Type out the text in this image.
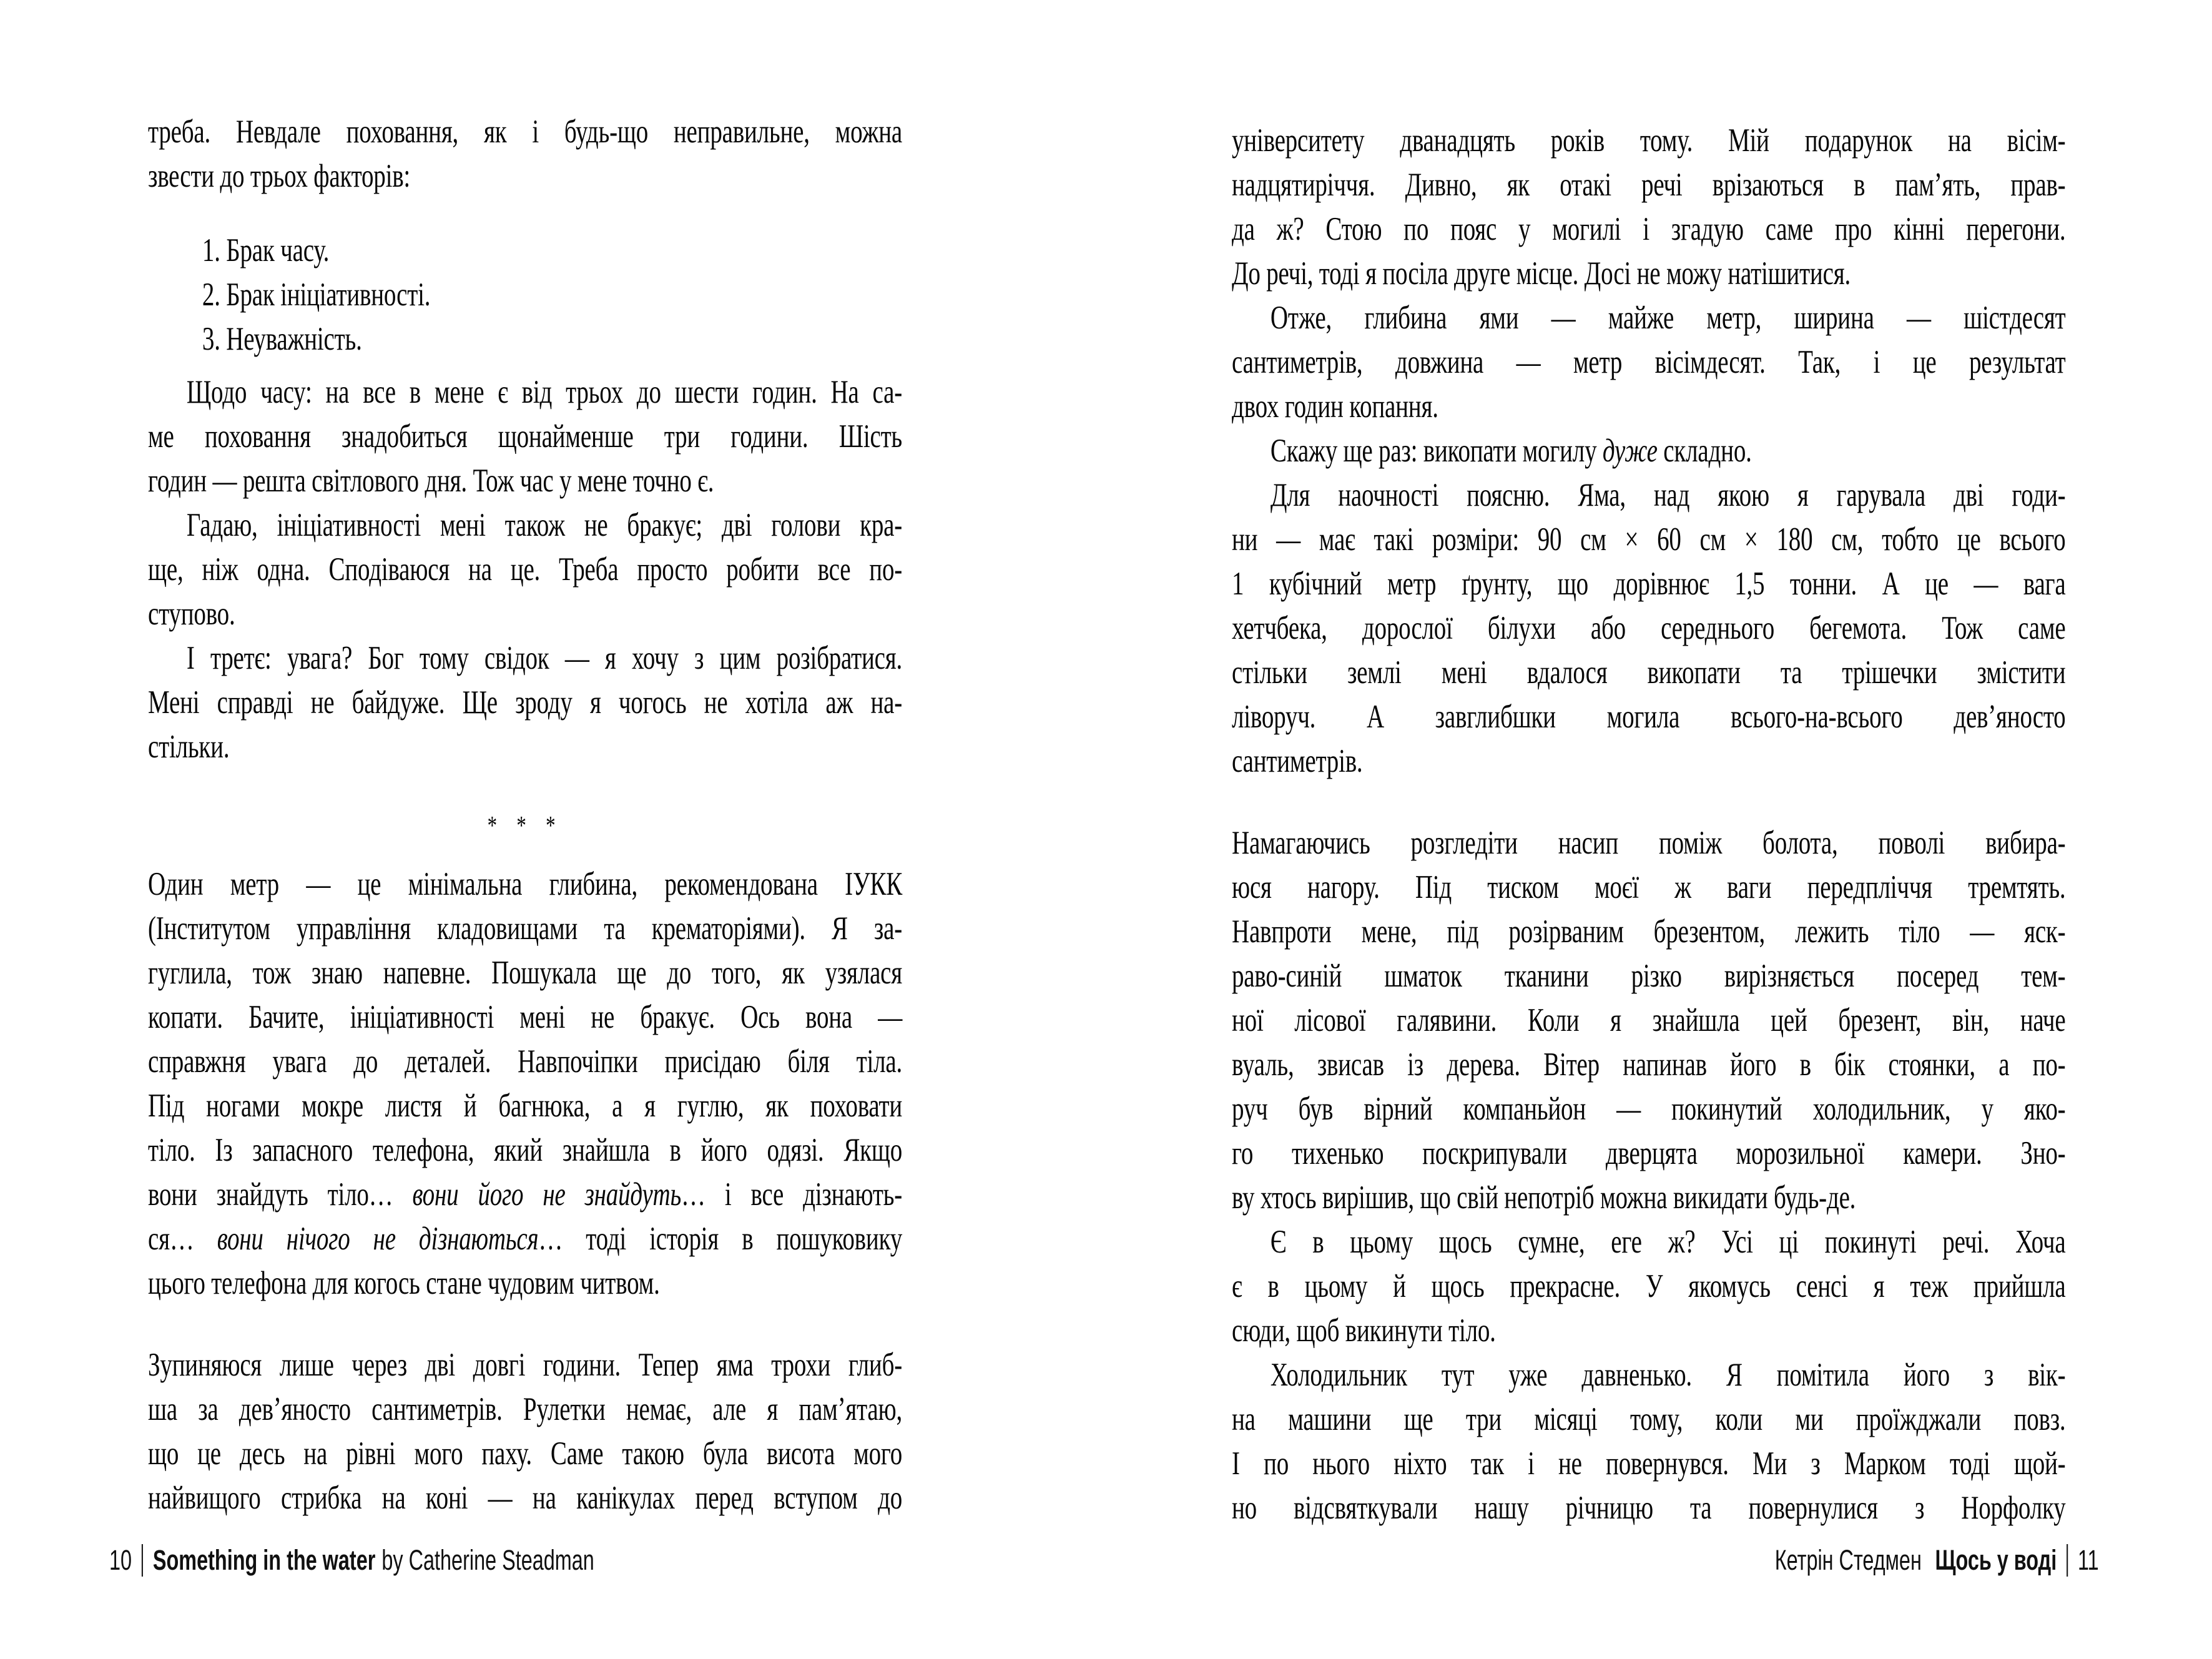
треба. Невдале поховання, як і будь-що неправильне, можна
звести до трьох факторів:
1. Брак часу.
2. Брак ініціативності.
3. Неуважність.
Щодо часу: на все в мене є від трьох до шести годин. На са-
ме поховання знадобиться щонайменше три години. Шість
годин — решта світлового дня. Тож час у мене точно є.
Гадаю, ініціативності мені також не бракує; дві голови кра-
ще, ніж одна. Сподіваюся на це. Треба просто робити все по-
ступово.
І третє: увага? Бог тому свідок — я хочу з цим розібратися.
Мені справді не байдуже. Ще зроду я чогось не хотіла аж на-
стільки.
* * *
Один метр — це мінімальна глибина, рекомендована ІУКК
(Інститутом управління кладовищами та крематоріями). Я за-
гуглила, тож знаю напевне. Пошукала ще до того, як узялася
копати. Бачите, ініціативності мені не бракує. Ось вона —
справжня увага до деталей. Навпочіпки присідаю біля тіла.
Під ногами мокре листя й багнюка, а я гуглю, як поховати
тіло. Із запасного телефона, який знайшла в його одязі. Якщо
вони знайдуть тіло… вони його не знайдуть… і все дізнають-
ся… вони нічого не дізнаються… тоді історія в пошуковику
цього телефона для когось стане чудовим читвом.
Зупиняюся лише через дві довгі години. Тепер яма трохи глиб-
ша за дев’яносто сантиметрів. Рулетки немає, але я пам’ятаю,
що це десь на рівні мого паху. Саме такою була висота мого
найвищого стрибка на коні — на канікулах перед вступом до
університету дванадцять років тому. Мій подарунок на вісім-
надцятиріччя. Дивно, як отакі речі врізаються в пам’ять, прав-
да ж? Стою по пояс у могилі і згадую саме про кінні перегони.
До речі, тоді я посіла друге місце. Досі не можу натішитися.
Отже, глибина ями — майже метр, ширина — шістдесят
сантиметрів, довжина — метр вісімдесят. Так, і це результат
двох годин копання.
Скажу ще раз: викопати могилу дуже складно.
Для наочності поясню. Яма, над якою я гарувала дві годи-
ни — має такі розміри: 90 см × 60 см × 180 см, тобто це всього
1 кубічний метр ґрунту, що дорівнює 1,5 тонни. А це — вага
хетчбека, дорослої білухи або середнього бегемота. Тож саме
стільки землі мені вдалося викопати та трішечки змістити
ліворуч. А завглибшки могила всього-на-всього дев’яносто
сантиметрів.
Намагаючись розгледіти насип поміж болота, поволі вибира-
юся нагору. Під тиском моєї ж ваги передпліччя тремтять.
Навпроти мене, під розірваним брезентом, лежить тіло — яск-
раво-синій шматок тканини різко вирізняється посеред тем-
ної лісової галявини. Коли я знайшла цей брезент, він, наче
вуаль, звисав із дерева. Вітер напинав його в бік стоянки, а по-
руч був вірний компаньйон — покинутий холодильник, у яко-
го тихенько поскрипували дверцята морозильної камери. Зно-
ву хтось вирішив, що свій непотріб можна викидати будь-де.
Є в цьому щось сумне, еге ж? Усі ці покинуті речі. Хоча
є в цьому й щось прекрасне. У якомусь сенсі я теж прийшла
сюди, щоб викинути тіло.
Холодильник тут уже давненько. Я помітила його з вік-
на машини ще три місяці тому, коли ми проїжджали повз.
І по нього ніхто так і не повернувся. Ми з Марком тоді щой-
но відсвяткували нашу річницю та повернулися з Норфолку
10 Something in the water by Catherine Steadman	Кетрін Стедмен Щось у воді 11
